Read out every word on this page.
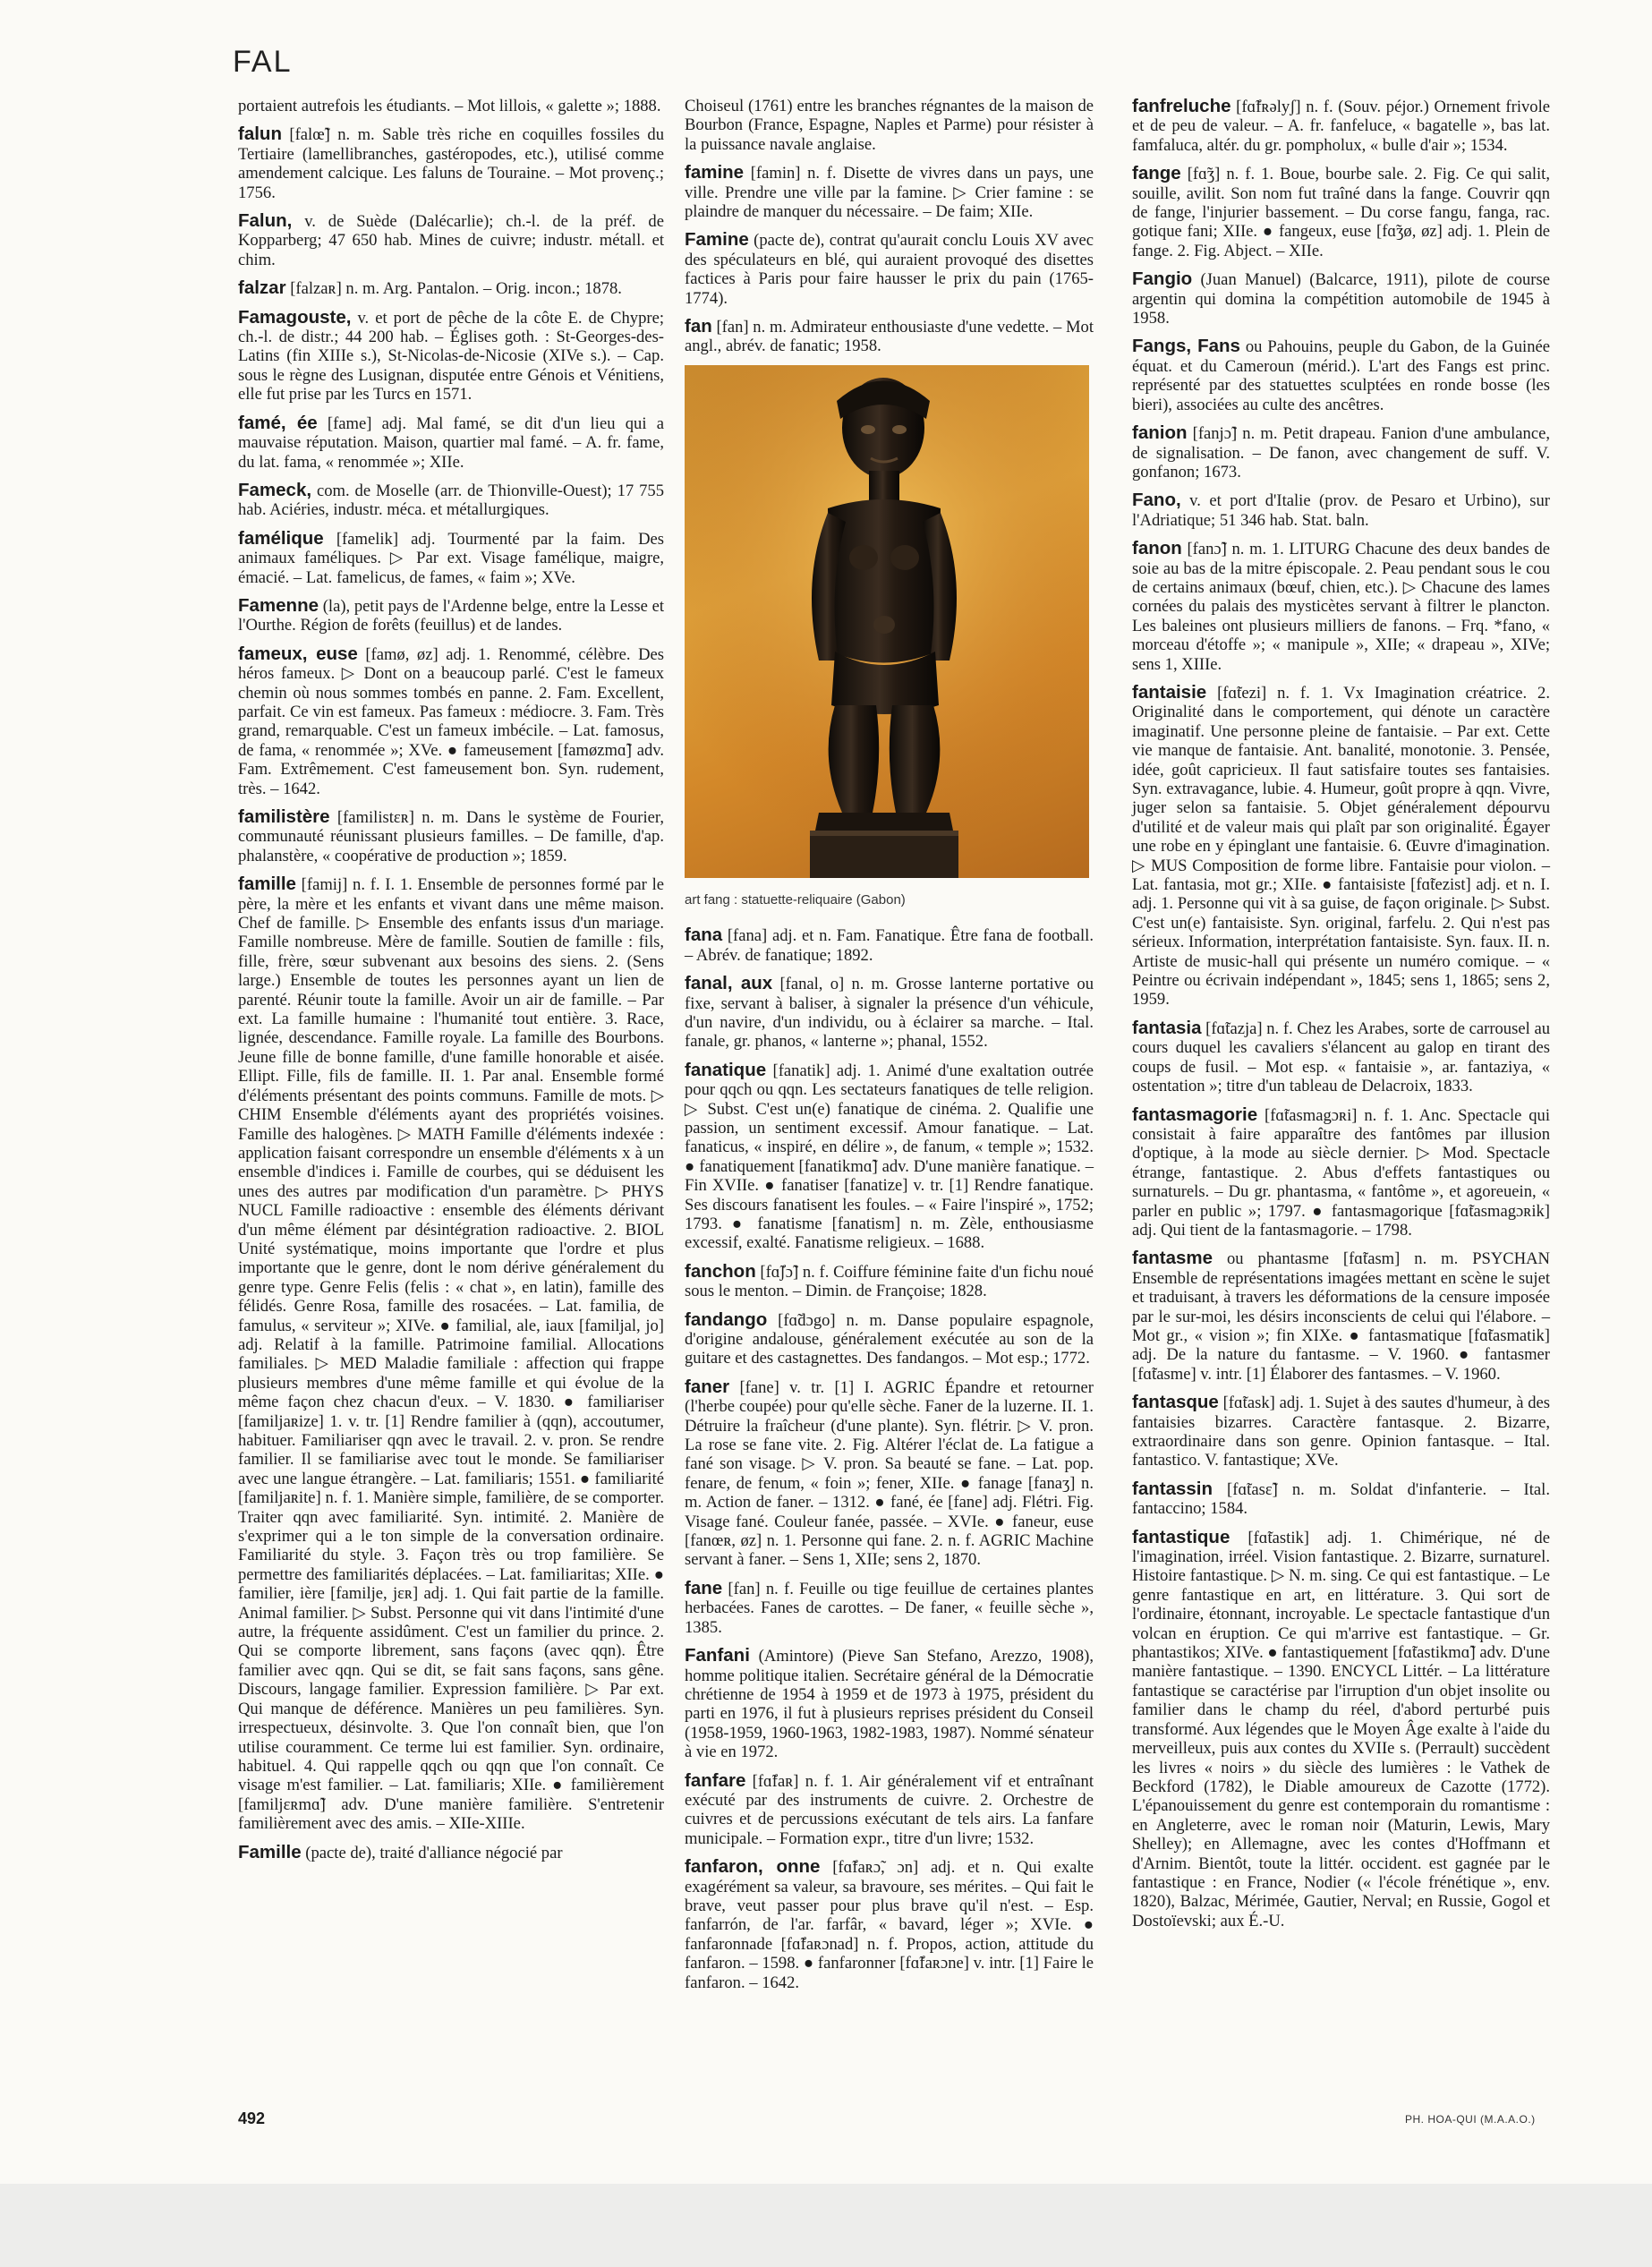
FAL

portaient autrefois les étudiants. – Mot lillois, « galette »; 1888.

falun [falœ̃] n. m. Sable très riche en coquilles fossiles du Tertiaire (lamellibranches, gastéropodes, etc.), utilisé comme amendement calcique. Les faluns de Touraine. – Mot provenç.; 1756.

Falun, v. de Suède (Dalécarlie); ch.-l. de la préf. de Kopparberg; 47 650 hab. Mines de cuivre; industr. métall. et chim.

falzar [falzaʀ] n. m. Arg. Pantalon. – Orig. incon.; 1878.

Famagouste, v. et port de pêche de la côte E. de Chypre; ch.-l. de distr.; 44 200 hab. – Églises goth. : St-Georges-des-Latins (fin XIIIe s.), St-Nicolas-de-Nicosie (XIVe s.). – Cap. sous le règne des Lusignan, disputée entre Génois et Vénitiens, elle fut prise par les Turcs en 1571.

famé, ée [fame] adj. Mal famé, se dit d'un lieu qui a mauvaise réputation. Maison, quartier mal famé. – A. fr. fame, du lat. fama, « renommée »; XIIe.

Fameck, com. de Moselle (arr. de Thionville-Ouest); 17 755 hab. Aciéries, industr. méca. et métallurgiques.

famélique [famelik] adj. Tourmenté par la faim. Des animaux faméliques. ▷ Par ext. Visage famélique, maigre, émacié. – Lat. famelicus, de fames, « faim »; XVe.

Famenne (la), petit pays de l'Ardenne belge, entre la Lesse et l'Ourthe. Région de forêts (feuillus) et de landes.

fameux, euse [famø, øz] adj. 1. Renommé, célèbre. Des héros fameux. ▷ Dont on a beaucoup parlé. C'est le fameux chemin où nous sommes tombés en panne. 2. Fam. Excellent, parfait. Ce vin est fameux. Pas fameux : médiocre. 3. Fam. Très grand, remarquable. C'est un fameux imbécile. – Lat. famosus, de fama, « renommée »; XVe. ● fameusement [famøzmɑ̃] adv. Fam. Extrêmement. C'est fameusement bon. Syn. rudement, très. – 1642.

familistère [familistɛʀ] n. m. Dans le système de Fourier, communauté réunissant plusieurs familles. – De famille, d'ap. phalanstère, « coopérative de production »; 1859.

famille [famij] n. f. I. 1. Ensemble de personnes formé par le père, la mère et les enfants et vivant dans une même maison. Chef de famille. ▷ Ensemble des enfants issus d'un mariage. Famille nombreuse. Mère de famille. Soutien de famille : fils, fille, frère, sœur subvenant aux besoins des siens. 2. (Sens large.) Ensemble de toutes les personnes ayant un lien de parenté. Réunir toute la famille. Avoir un air de famille. – Par ext. La famille humaine : l'humanité tout entière. 3. Race, lignée, descendance. Famille royale. La famille des Bourbons. Jeune fille de bonne famille, d'une famille honorable et aisée. Ellipt. Fille, fils de famille. II. 1. Par anal. Ensemble formé d'éléments présentant des points communs. Famille de mots. ▷ CHIM Ensemble d'éléments ayant des propriétés voisines. Famille des halogènes. ▷ MATH Famille d'éléments indexée : application faisant correspondre un ensemble d'éléments x à un ensemble d'indices i. Famille de courbes, qui se déduisent les unes des autres par modification d'un paramètre. ▷ PHYS NUCL Famille radioactive : ensemble des éléments dérivant d'un même élément par désintégration radioactive. 2. BIOL Unité systématique, moins importante que l'ordre et plus importante que le genre, dont le nom dérive généralement du genre type. Genre Felis (felis : « chat », en latin), famille des félidés. Genre Rosa, famille des rosacées. – Lat. familia, de famulus, « serviteur »; XIVe. ● familial, ale, iaux [familjal, jo] adj. Relatif à la famille. Patrimoine familial. Allocations familiales. ▷ MED Maladie familiale : affection qui frappe plusieurs membres d'une même famille et qui évolue de la même façon chez chacun d'eux. – V. 1830. ● familiariser [familjaʀize] 1. v. tr. [1] Rendre familier à (qqn), accoutumer, habituer. Familiariser qqn avec le travail. 2. v. pron. Se rendre familier. Il se familiarise avec tout le monde. Se familiariser avec une langue étrangère. – Lat. familiaris; 1551. ● familiarité [familjaʀite] n. f. 1. Manière simple, familière, de se comporter. Traiter qqn avec familiarité. Syn. intimité. 2. Manière de s'exprimer qui a le ton simple de la conversation ordinaire. Familiarité du style. 3. Façon très ou trop familière. Se permettre des familiarités déplacées. – Lat. familiaritas; XIIe. ● familier, ière [familje, jɛʀ] adj. 1. Qui fait partie de la famille. Animal familier. ▷ Subst. Personne qui vit dans l'intimité d'une autre, la fréquente assidûment. C'est un familier du prince. 2. Qui se comporte librement, sans façons (avec qqn). Être familier avec qqn. Qui se dit, se fait sans façons, sans gêne. Discours, langage familier. Expression familière. ▷ Par ext. Qui manque de déférence. Manières un peu familières. Syn. irrespectueux, désinvolte. 3. Que l'on connaît bien, que l'on utilise couramment. Ce terme lui est familier. Syn. ordinaire, habituel. 4. Qui rappelle qqch ou qqn que l'on connaît. Ce visage m'est familier. – Lat. familiaris; XIIe. ● familièrement [familjɛʀmɑ̃] adv. D'une manière familière. S'entretenir familièrement avec des amis. – XIIe-XIIIe.

Famille (pacte de), traité d'alliance négocié par

Choiseul (1761) entre les branches régnantes de la maison de Bourbon (France, Espagne, Naples et Parme) pour résister à la puissance navale anglaise.

famine [famin] n. f. Disette de vivres dans un pays, une ville. Prendre une ville par la famine. ▷ Crier famine : se plaindre de manquer du nécessaire. – De faim; XIIe.

Famine (pacte de), contrat qu'aurait conclu Louis XV avec des spéculateurs en blé, qui auraient provoqué des disettes factices à Paris pour faire hausser le prix du pain (1765-1774).

fan [fan] n. m. Admirateur enthousiaste d'une vedette. – Mot angl., abrév. de fanatic; 1958.

art fang : statuette-reliquaire (Gabon)

fana [fana] adj. et n. Fam. Fanatique. Être fana de football. – Abrév. de fanatique; 1892.

fanal, aux [fanal, o] n. m. Grosse lanterne portative ou fixe, servant à baliser, à signaler la présence d'un véhicule, d'un navire, d'un individu, ou à éclairer sa marche. – Ital. fanale, gr. phanos, « lanterne »; phanal, 1552.

fanatique [fanatik] adj. 1. Animé d'une exaltation outrée pour qqch ou qqn. Les sectateurs fanatiques de telle religion. ▷ Subst. C'est un(e) fanatique de cinéma. 2. Qualifie une passion, un sentiment excessif. Amour fanatique. – Lat. fanaticus, « inspiré, en délire », de fanum, « temple »; 1532. ● fanatiquement [fanatikmɑ̃] adv. D'une manière fanatique. – Fin XVIIe. ● fanatiser [fanatize] v. tr. [1] Rendre fanatique. Ses discours fanatisent les foules. – « Faire l'inspiré », 1752; 1793. ● fanatisme [fanatism] n. m. Zèle, enthousiasme excessif, exalté. Fanatisme religieux. – 1688.

fanchon [fɑ̃ʃɔ̃] n. f. Coiffure féminine faite d'un fichu noué sous le menton. – Dimin. de Françoise; 1828.

fandango [fɑ̃dɔgo] n. m. Danse populaire espagnole, d'origine andalouse, généralement exécutée au son de la guitare et des castagnettes. Des fandangos. – Mot esp.; 1772.

faner [fane] v. tr. [1] I. AGRIC Épandre et retourner (l'herbe coupée) pour qu'elle sèche. Faner de la luzerne. II. 1. Détruire la fraîcheur (d'une plante). Syn. flétrir. ▷ V. pron. La rose se fane vite. 2. Fig. Altérer l'éclat de. La fatigue a fané son visage. ▷ V. pron. Sa beauté se fane. – Lat. pop. fenare, de fenum, « foin »; fener, XIIe. ● fanage [fanaʒ] n. m. Action de faner. – 1312. ● fané, ée [fane] adj. Flétri. Fig. Visage fané. Couleur fanée, passée. – XVIe. ● faneur, euse [fanœʀ, øz] n. 1. Personne qui fane. 2. n. f. AGRIC Machine servant à faner. – Sens 1, XIIe; sens 2, 1870.

fane [fan] n. f. Feuille ou tige feuillue de certaines plantes herbacées. Fanes de carottes. – De faner, « feuille sèche », 1385.

Fanfani (Amintore) (Pieve San Stefano, Arezzo, 1908), homme politique italien. Secrétaire général de la Démocratie chrétienne de 1954 à 1959 et de 1973 à 1975, président du parti en 1976, il fut à plusieurs reprises président du Conseil (1958-1959, 1960-1963, 1982-1983, 1987). Nommé sénateur à vie en 1972.

fanfare [fɑ̃faʀ] n. f. 1. Air généralement vif et entraînant exécuté par des instruments de cuivre. 2. Orchestre de cuivres et de percussions exécutant de tels airs. La fanfare municipale. – Formation expr., titre d'un livre; 1532.

fanfaron, onne [fɑ̃faʀɔ̃, ɔn] adj. et n. Qui exalte exagérément sa valeur, sa bravoure, ses mérites. – Qui fait le brave, veut passer pour plus brave qu'il n'est. – Esp. fanfarrón, de l'ar. farfâr, « bavard, léger »; XVIe. ● fanfaronnade [fɑ̃faʀɔnad] n. f. Propos, action, attitude du fanfaron. – 1598. ● fanfaronner [fɑ̃faʀɔne] v. intr. [1] Faire le fanfaron. – 1642.

fanfreluche [fɑ̃fʀəlyʃ] n. f. (Souv. péjor.) Ornement frivole et de peu de valeur. – A. fr. fanfeluce, « bagatelle », bas lat. famfaluca, altér. du gr. pompholux, « bulle d'air »; 1534.

fange [fɑ̃ʒ] n. f. 1. Boue, bourbe sale. 2. Fig. Ce qui salit, souille, avilit. Son nom fut traîné dans la fange. Couvrir qqn de fange, l'injurier bassement. – Du corse fangu, fanga, rac. gotique fani; XIIe. ● fangeux, euse [fɑ̃ʒø, øz] adj. 1. Plein de fange. 2. Fig. Abject. – XIIe.

Fangio (Juan Manuel) (Balcarce, 1911), pilote de course argentin qui domina la compétition automobile de 1945 à 1958.

Fangs, Fans ou Pahouins, peuple du Gabon, de la Guinée équat. et du Cameroun (mérid.). L'art des Fangs est princ. représenté par des statuettes sculptées en ronde bosse (les bieri), associées au culte des ancêtres.

fanion [fanjɔ̃] n. m. Petit drapeau. Fanion d'une ambulance, de signalisation. – De fanon, avec changement de suff. V. gonfanon; 1673.

Fano, v. et port d'Italie (prov. de Pesaro et Urbino), sur l'Adriatique; 51 346 hab. Stat. baln.

fanon [fanɔ̃] n. m. 1. LITURG Chacune des deux bandes de soie au bas de la mitre épiscopale. 2. Peau pendant sous le cou de certains animaux (bœuf, chien, etc.). ▷ Chacune des lames cornées du palais des mysticètes servant à filtrer le plancton. Les baleines ont plusieurs milliers de fanons. – Frq. *fano, « morceau d'étoffe »; « manipule », XIIe; « drapeau », XIVe; sens 1, XIIIe.

fantaisie [fɑ̃tezi] n. f. 1. Vx Imagination créatrice. 2. Originalité dans le comportement, qui dénote un caractère imaginatif. Une personne pleine de fantaisie. – Par ext. Cette vie manque de fantaisie. Ant. banalité, monotonie. 3. Pensée, idée, goût capricieux. Il faut satisfaire toutes ses fantaisies. Syn. extravagance, lubie. 4. Humeur, goût propre à qqn. Vivre, juger selon sa fantaisie. 5. Objet généralement dépourvu d'utilité et de valeur mais qui plaît par son originalité. Égayer une robe en y épinglant une fantaisie. 6. Œuvre d'imagination. ▷ MUS Composition de forme libre. Fantaisie pour violon. – Lat. fantasia, mot gr.; XIIe. ● fantaisiste [fɑ̃tezist] adj. et n. I. adj. 1. Personne qui vit à sa guise, de façon originale. ▷ Subst. C'est un(e) fantaisiste. Syn. original, farfelu. 2. Qui n'est pas sérieux. Information, interprétation fantaisiste. Syn. faux. II. n. Artiste de music-hall qui présente un numéro comique. – « Peintre ou écrivain indépendant », 1845; sens 1, 1865; sens 2, 1959.

fantasia [fɑ̃tazja] n. f. Chez les Arabes, sorte de carrousel au cours duquel les cavaliers s'élancent au galop en tirant des coups de fusil. – Mot esp. « fantaisie », ar. fantaziya, « ostentation »; titre d'un tableau de Delacroix, 1833.

fantasmagorie [fɑ̃tasmagɔʀi] n. f. 1. Anc. Spectacle qui consistait à faire apparaître des fantômes par illusion d'optique, à la mode au siècle dernier. ▷ Mod. Spectacle étrange, fantastique. 2. Abus d'effets fantastiques ou surnaturels. – Du gr. phantasma, « fantôme », et agoreuein, « parler en public »; 1797. ● fantasmagorique [fɑ̃tasmagɔʀik] adj. Qui tient de la fantasmagorie. – 1798.

fantasme ou phantasme [fɑ̃tasm] n. m. PSYCHAN Ensemble de représentations imagées mettant en scène le sujet et traduisant, à travers les déformations de la censure imposée par le sur-moi, les désirs inconscients de celui qui l'élabore. – Mot gr., « vision »; fin XIXe. ● fantasmatique [fɑ̃tasmatik] adj. De la nature du fantasme. – V. 1960. ● fantasmer [fɑ̃tasme] v. intr. [1] Élaborer des fantasmes. – V. 1960.

fantasque [fɑ̃task] adj. 1. Sujet à des sautes d'humeur, à des fantaisies bizarres. Caractère fantasque. 2. Bizarre, extraordinaire dans son genre. Opinion fantasque. – Ital. fantastico. V. fantastique; XVe.

fantassin [fɑ̃tasɛ̃] n. m. Soldat d'infanterie. – Ital. fantaccino; 1584.

fantastique [fɑ̃tastik] adj. 1. Chimérique, né de l'imagination, irréel. Vision fantastique. 2. Bizarre, surnaturel. Histoire fantastique. ▷ N. m. sing. Ce qui est fantastique. – Le genre fantastique en art, en littérature. 3. Qui sort de l'ordinaire, étonnant, incroyable. Le spectacle fantastique d'un volcan en éruption. Ce qui m'arrive est fantastique. – Gr. phantastikos; XIVe. ● fantastiquement [fɑ̃tastikmɑ̃] adv. D'une manière fantastique. – 1390. ENCYCL Littér. – La littérature fantastique se caractérise par l'irruption d'un objet insolite ou familier dans le champ du réel, d'abord perturbé puis transformé. Aux légendes que le Moyen Âge exalte à l'aide du merveilleux, puis aux contes du XVIIe s. (Perrault) succèdent les livres « noirs » du siècle des lumières : le Vathek de Beckford (1782), le Diable amoureux de Cazotte (1772). L'épanouissement du genre est contemporain du romantisme : en Angleterre, avec le roman noir (Maturin, Lewis, Mary Shelley); en Allemagne, avec les contes d'Hoffmann et d'Arnim. Bientôt, toute la littér. occident. est gagnée par le fantastique : en France, Nodier (« l'école frénétique », env. 1820), Balzac, Mérimée, Gautier, Nerval; en Russie, Gogol et Dostoïevski; aux É.-U.

492	PH. HOA-QUI (M.A.A.O.)
